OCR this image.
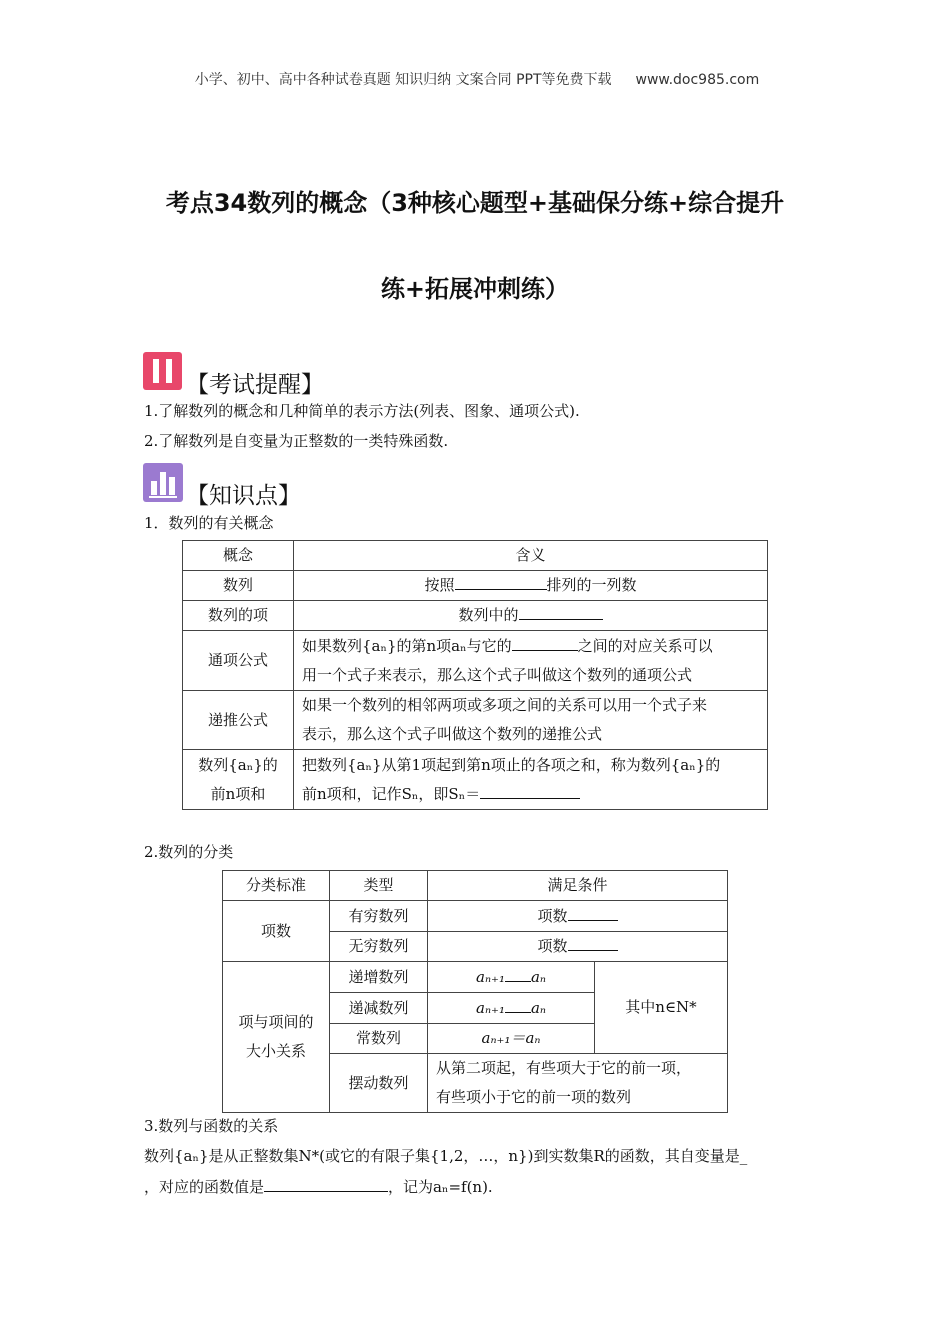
小学、初中、高中各种试卷真题 知识归纳 文案合同 PPT等免费下载 www.doc985.com
考点34数列的概念（3种核心题型+基础保分练+综合提升
练+拓展冲刺练）
【考试提醒】
1.了解数列的概念和几种简单的表示方法(列表、图象、通项公式).
2.了解数列是自变量为正整数的一类特殊函数.
【知识点】
1．数列的有关概念
概念	含义
数列	按照 排列的一列数
数列的项	数列中的
通项公式	如果数列{aₙ}的第n项aₙ与它的 之间的对应关系可以
用一个式子来表示，那么这个式子叫做这个数列的通项公式
递推公式	如果一个数列的相邻两项或多项之间的关系可以用一个式子来
表示，那么这个式子叫做这个数列的递推公式
数列{aₙ}的
前n项和	把数列{aₙ}从第1项起到第n项止的各项之和，称为数列{aₙ}的
前n项和，记作Sₙ，即Sₙ＝
2.数列的分类
分类标准	类型	满足条件	
项数	有穷数列	项数	
	无穷数列	项数	
项与项间的
大小关系	递增数列	aₙ₊₁ aₙ	其中n∈N*
	递减数列	aₙ₊₁ aₙ	
	常数列	aₙ₊₁＝aₙ	
	摆动数列	从第二项起，有些项大于它的前一项，
有些项小于它的前一项的数列	
3.数列与函数的关系
数列{aₙ}是从正整数集N*(或它的有限子集{1,2，…，n})到实数集R的函数，其自变量是_
，对应的函数值是	，记为aₙ=f(n).
